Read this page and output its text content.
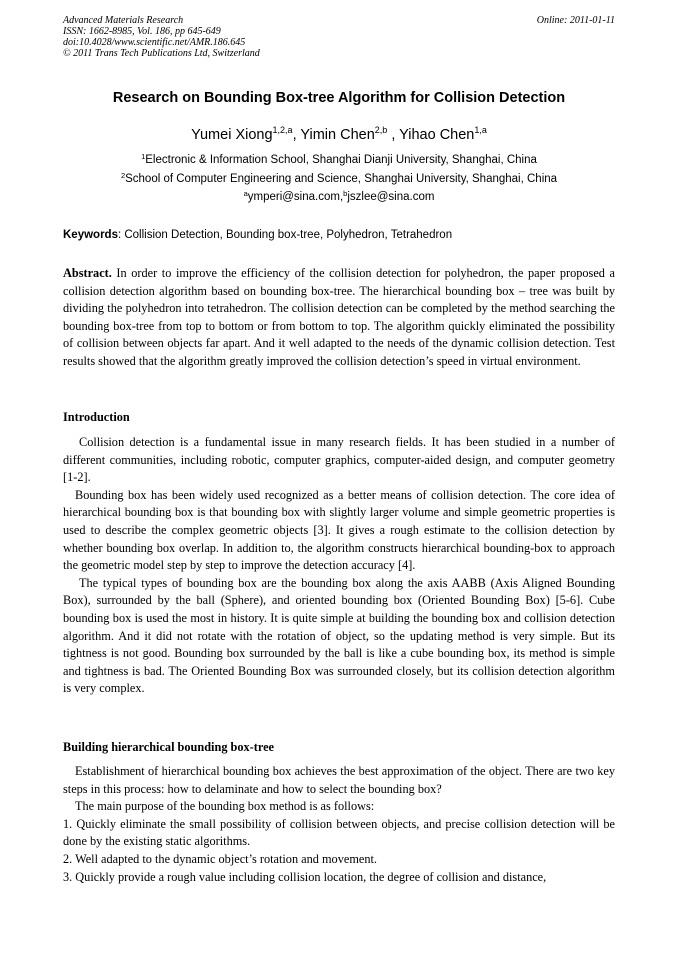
Advanced Materials Research
ISSN: 1662-8985, Vol. 186, pp 645-649
doi:10.4028/www.scientific.net/AMR.186.645
© 2011 Trans Tech Publications Ltd, Switzerland
Online: 2011-01-11
Research on Bounding Box-tree Algorithm for Collision Detection
Yumei Xiong$^{1,2,a}$, Yimin Chen$^{2,b}$ , Yihao Chen$^{1,a}$
$^1$Electronic & Information School, Shanghai Dianji University, Shanghai, China
$^2$School of Computer Engineering and Science, Shanghai University, Shanghai, China
$^a$ymperi@sina.com,$^b$jszlee@sina.com
Keywords: Collision Detection, Bounding box-tree, Polyhedron, Tetrahedron
Abstract. In order to improve the efficiency of the collision detection for polyhedron, the paper proposed a collision detection algorithm based on bounding box-tree. The hierarchical bounding box – tree was built by dividing the polyhedron into tetrahedron. The collision detection can be completed by the method searching the bounding box-tree from top to bottom or from bottom to top. The algorithm quickly eliminated the possibility of collision between objects far apart. And it well adapted to the needs of the dynamic collision detection. Test results showed that the algorithm greatly improved the collision detection’s speed in virtual environment.
Introduction

Collision detection is a fundamental issue in many research fields. It has been studied in a number of different communities, including robotic, computer graphics, computer-aided design, and computer geometry [1-2].

Bounding box has been widely used recognized as a better means of collision detection. The core idea of hierarchical bounding box is that bounding box with slightly larger volume and simple geometric properties is used to describe the complex geometric objects [3]. It gives a rough estimate to the collision detection by whether bounding box overlap. In addition to, the algorithm constructs hierarchical bounding-box to approach the geometric model step by step to improve the detection accuracy [4].

The typical types of bounding box are the bounding box along the axis AABB (Axis Aligned Bounding Box), surrounded by the ball (Sphere), and oriented bounding box (Oriented Bounding Box) [5-6]. Cube bounding box is used the most in history. It is quite simple at building the bounding box and collision detection algorithm. And it did not rotate with the rotation of object, so the updating method is very simple. But its tightness is not good. Bounding box surrounded by the ball is like a cube bounding box, its method is simple and tightness is bad. The Oriented Bounding Box was surrounded closely, but its collision detection algorithm is very complex.

Building hierarchical bounding box-tree

Establishment of hierarchical bounding box achieves the best approximation of the object. There are two key steps in this process: how to delaminate and how to select the bounding box?

The main purpose of the bounding box method is as follows:

1. Quickly eliminate the small possibility of collision between objects, and precise collision detection will be done by the existing static algorithms.

2. Well adapted to the dynamic object’s rotation and movement.

3. Quickly provide a rough value including collision location, the degree of collision and distance,
